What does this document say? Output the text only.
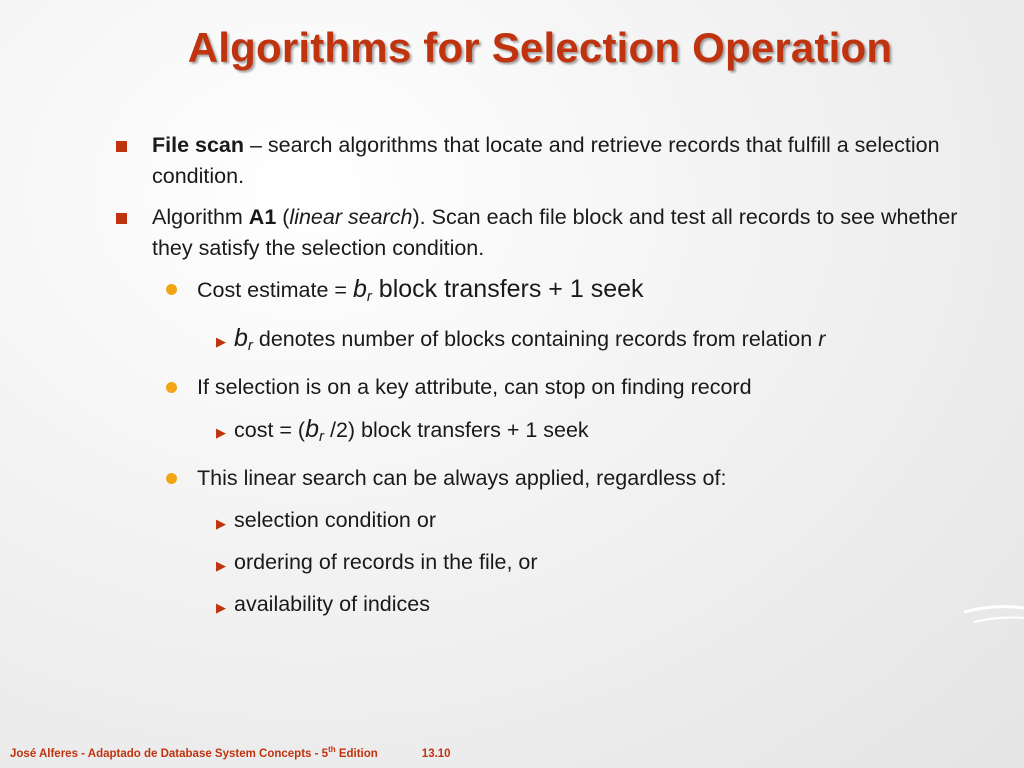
Algorithms for Selection Operation
File scan – search algorithms that locate and retrieve records that fulfill a selection condition.
Algorithm A1 (linear search). Scan each file block and test all records to see whether they satisfy the selection condition.
Cost estimate = $b_r$ block transfers + 1 seek
▶ $b_r$ denotes number of blocks containing records from relation r
If selection is on a key attribute, can stop on finding record
▶ $\cos t = (b_r$ /2) block transfers + 1 seek
This linear search can be always applied, regardless of:
▶ selection condition or
▶ ordering of records in the file, or
▶ availability of indices
José Alferes - Adaptado de Database System Concepts - 5th Edition	13.10
